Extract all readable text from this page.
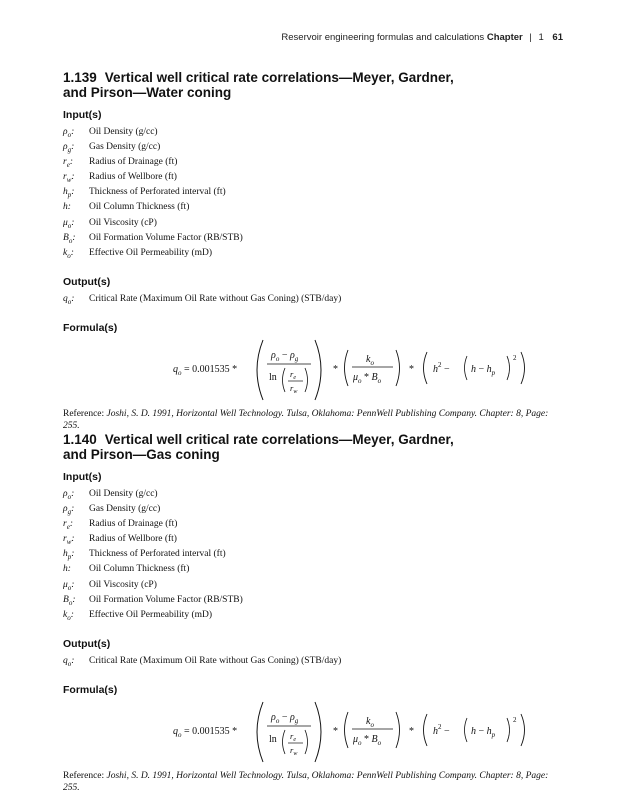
Reservoir engineering formulas and calculations Chapter | 1 61
1.139 Vertical well critical rate correlations—Meyer, Gardner,
and Pirson—Water coning
Input(s)
$\rho_o$:	Oil Density (g/cc)
$\rho_g$:	Gas Density (g/cc)
$r_e$:	Radius of Drainage (ft)
$r_w$:	Radius of Wellbore (ft)
$h_p$:	Thickness of Perforated interval (ft)
h:	Oil Column Thickness (ft)
$\mu_o$:	Oil Viscosity (cP)
$B_o$:	Oil Formation Volume Factor (RB/STB)
$k_o$:	Effective Oil Permeability (mD)
Output(s)
$q_o$:	Critical Rate (Maximum Oil Rate without Gas Coning) (STB/day)
Formula(s)
$q_o = 0.001535$ *
$\rho_o - \rho_g$
$\ln r_e$
$r_w$
*
$k_o$
$\mu_o * B_o$
* $h^2 - h - h_p$
2
Reference: Joshi, S. D. 1991, Horizontal Well Technology. Tulsa, Oklahoma: PennWell Publishing Company. Chapter: 8, Page: 255.
1.140 Vertical well critical rate correlations—Meyer, Gardner,
and Pirson—Gas coning
Input(s)
$\rho_o$:	Oil Density (g/cc)
$\rho_g$:	Gas Density (g/cc)
$r_e$:	Radius of Drainage (ft)
$r_w$:	Radius of Wellbore (ft)
$h_p$:	Thickness of Perforated interval (ft)
h:	Oil Column Thickness (ft)
$\mu_o$:	Oil Viscosity (cP)
$B_o$:	Oil Formation Volume Factor (RB/STB)
$k_o$:	Effective Oil Permeability (mD)
Output(s)
$q_o$:	Critical Rate (Maximum Oil Rate without Gas Coning) (STB/day)
Formula(s)
$q_o = 0.001535$ *
$\rho_o - \rho_g$
$\ln r_e$
$r_w$
*
$k_o$
$\mu_o * B_o$
* $h^2 - h - h_p$
2
Reference: Joshi, S. D. 1991, Horizontal Well Technology. Tulsa, Oklahoma: PennWell Publishing Company. Chapter: 8, Page: 255.
